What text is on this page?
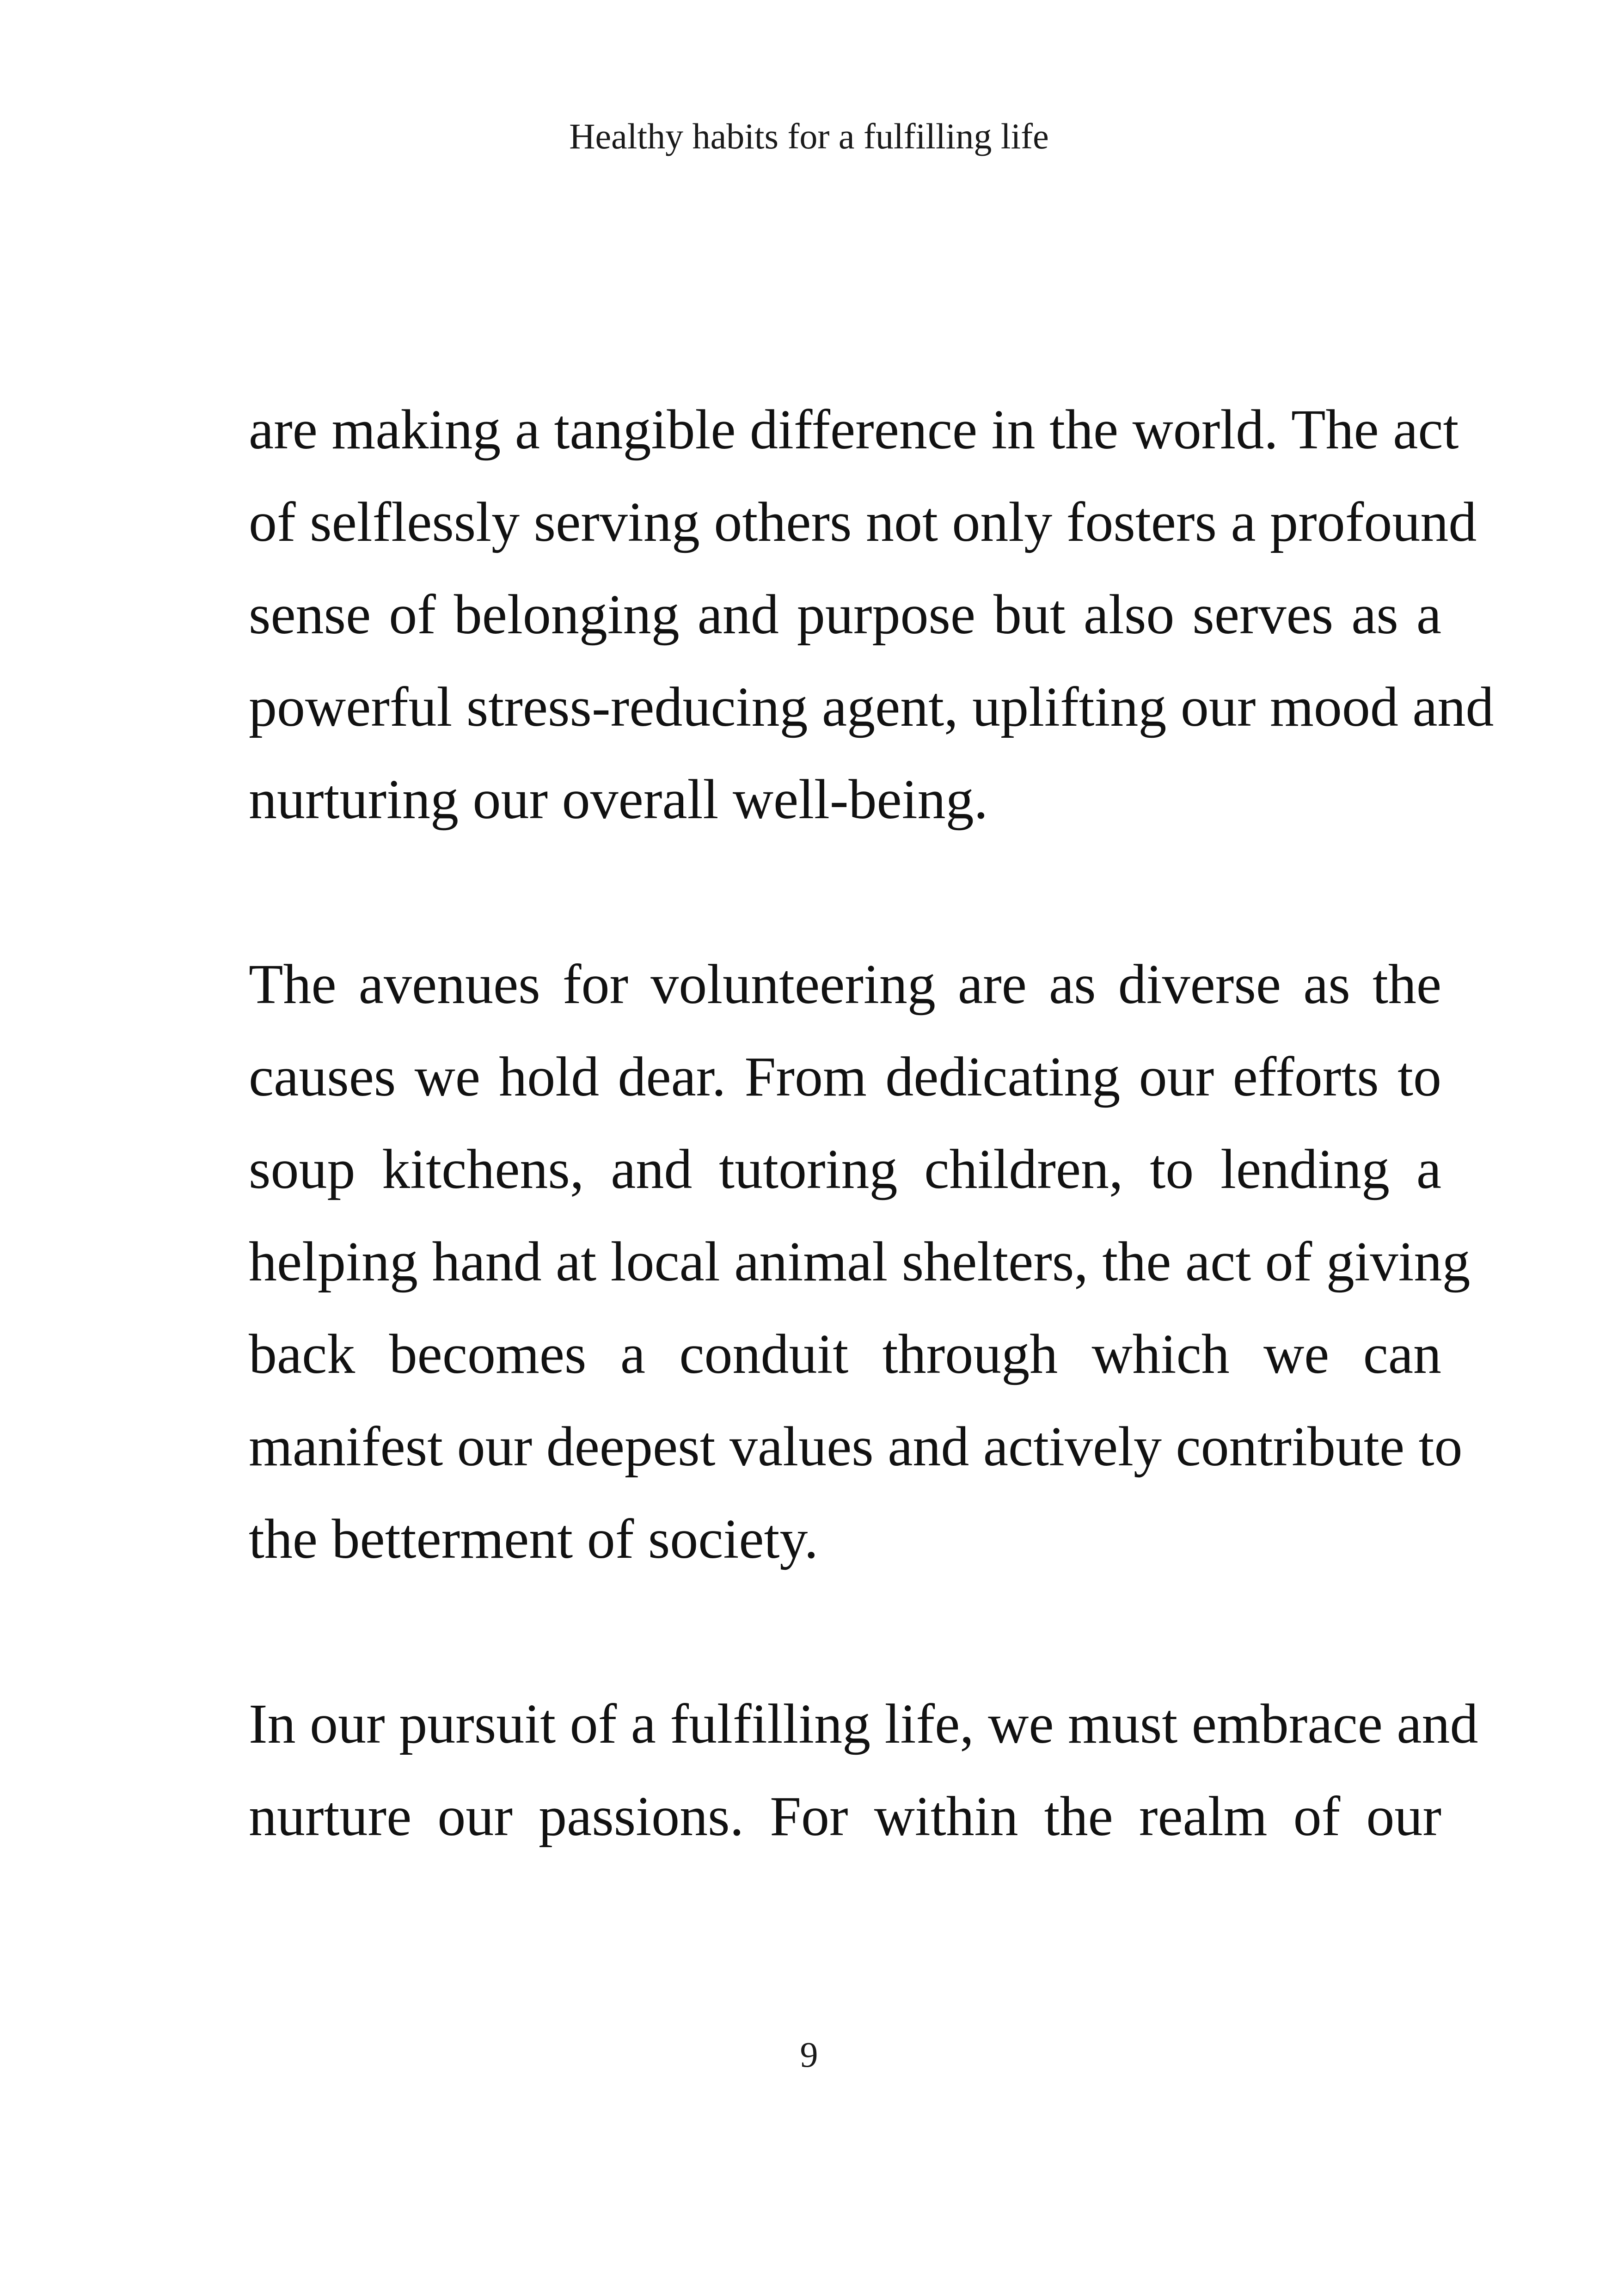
Healthy habits for a fulfilling life
are making a tangible difference in the world. The act
of selflessly serving others not only fosters a profound
sense of belonging and purpose but also serves as a
powerful stress-reducing agent, uplifting our mood and
nurturing our overall well-being.
The avenues for volunteering are as diverse as the
causes we hold dear. From dedicating our efforts to
soup kitchens, and tutoring children, to lending a
helping hand at local animal shelters, the act of giving
back becomes a conduit through which we can
manifest our deepest values and actively contribute to
the betterment of society.
In our pursuit of a fulfilling life, we must embrace and
nurture our passions. For within the realm of our
9
